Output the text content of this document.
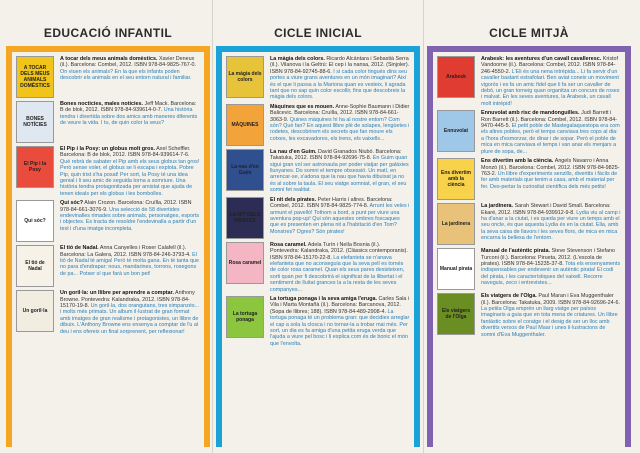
EDUCACIÓ INFANTIL
A TOCAR DELS MEUS ANIMALS DOMÈSTICS
A tocar dels meus animals domèstics. Xavier Deneux (il.). Barcelona: Combel, 2012. ISBN 978-84-9825-767-0. On viuen els animals? En la que els infants poden descobrir els animals en el seu entorn natural i familiar.
BONES NOTÍCIES
Bones nocticies, males notícies. Jeff Mack. Barcelona: B de blok, 2012. ISBN 978-84-939614-0-7. Una història tendra i divertida sobre dos amics amb maneres diferents de veure la vida. I tu, de quin color la veus?
El Pip i la Posy
El Pip i la Posy: un globus molt gros. Axel Scheffler. Barcelona: B de blok, 2012. ISBN 978-84-939614-7-6. Què rebrà de sabater el Pip amb els seus globus tan gros! Però sense voler, el globus se li escapa i explota. Pobre Pip, quin trist s'ha posat! Per sort, la Posy té una idea genial i li seu amic de seguida torna a somriure. Una història tendra protagonitzada per amistat que ajuda de tenen ideals per els globus i les bombolles.
Qui sóc?
Qui sóc? Alain Crozon. Barcelona: Cruïlla, 2012. ISBN 978-84-661-3076-9. Una selecció de 58 divertides endevinalles rimades sobre animals, personatges, esports i objectes. Es tracta de resoldre l'endevinalla a partir d'un text i d'una imatge incompleta.
El tió de Nadal
El tió de Nadal. Anna Canyelles i Roser Calafell (il.). Barcelona: La Galera, 2012. ISBN 978-84-246-3793-4. El tió de Nadal té amiga! Però té molta gana. En té tanta que no para d'endrapar: nous, mandarines, torrons, rosegons de pa... Potser sí que farà un bon pet!
Un goril·la
Un goril·la: un llibre per aprendre a comptar. Anthony Browne. Pontevedra: Kalandraka, 2012. ISBN 978-84-15170-19-8. Un goril·la, dos orangutans, tres ximpanzés... i molts més primats. Un album il·lustrat de gran format amb imatges de gran realisme i protagonistes, un llibre de dibuix. L'Anthony Browne ens ensenya a comptar de l'u al deu i ens ofereix un final sorprenent, per reflexionar!
CICLE INICIAL
La màgia dels colors
La màgia dels colors. Ricardo Alcántara i Sebastià Serra (il.). Vilanova i la Geltrú: El cep i la nansa, 2012. (Sinjoler). ISBN 978-84-92745-88-6. I si cada color tingués dins seu portes a viure grans aventures en un món imaginari? Així és el que li passa a la Mariona quan es vesteix, li agrada tant que no sap quin color escollir, fins que descobreix la màgia dels colors.
MÀQUINES
Màquines que es mouen. Anne-Sophie Baumann i Didier Balicevic. Barcelona: Cruïlla, 2012. ISBN 978-84-661-3063-9. Quines màquines hi ha al nostre entorn? Com són? Què fan? En aquest llibre plè de solapes, lengüetes i rodetes, descobrirem els secrets que fan moure els cotxes, les excavadores, els trens, els vaixells...
La nau d'en Guim
La nau d'en Guim. David Granados Niubó. Barcelona: Takatuka, 2012. ISBN 978-84-92696-75-8. En Guim quan sigui gran vol ser astronauta per poder viatjar per galàxies llunyanes. Do somni el tempre obsessió. Un matí, en arrencar-se, s'adona que la nau que havia dibuixat ja no és al sobre la taula. El seu viatge somniat, el gran, el seu somni fet realitat.
LA NIT DELS PIRATES
El nit dels pirates. Peter Harris i altres. Barcelona: Combel, 2012. ISBN 978-84-9825-774-8. Arrunt les veles i armunt el pavelló! Tothom a bord, a punt per viure una aventura pop-up! Qui són aquestes ombres foscaques que es presenten en plena nit a l'habitació d'en Tom? Monstres? Ogres? Són pirates!
Rosa caramel
Rosa caramel. Adela Turín i Nella Bosnia (il.). Pontevedra: Kalandraka, 2012. (Clàssics contemporanis). ISBN 978-84-15170-22-8. La elefanteta se n'anava elefanteta que no aconseguia que la seva pell es tornés de color rosa caramel. Quan els seus pares desisteixen, sorti quan per fi descobrirà el significat de la llibertat i el sentiment de lluitat grances la a la resta de les seves companyes...
La tortuga ponaga
La tortuga ponaga i la seva amiga l'eruga. Carles Sala i Vila i Marta Montañà (il.). Barcelona: Barcanova, 2012. (Sopa de llibres; 188). ISBN 978-84-489-2908-4. La tortuga ponaga té un problema gran: que decidiex arreglar el cap a sola la closca i no tornar-la a trobar mai més. Per sort, un dia es fa amiga d'una petita eruga verda que l'ajuda a viure pel bosc i li explica com és de bonic el món que l'envolta.
CICLE MITJÀ
Arabesk
Arabesk: les aventures d'un cavall cavalleresc. Kristof Vandoorne (il.). Barcelona: Combel, 2012. ISBN 978-84-246-4550-2. L'Eli és una nena intrèpida... Li fa servir d'un cavaller bastant estrafolari. Ben aviat coneix un moviment vigorós i es fa un amic fidel que li fa ser un cavaller de debò, un gran torneig quan organitza un concurs de roses i malvat. En les seves aventures, la Arabesk, un cavall molt intrèpid!
Ennuvolat
Ennuvolat amb risc de mandonguilles. Judi Barrett i Ron Barrett (il.). Barcelona: Combel, 2012. ISBN 978-84-9470-445-5. El petit poble de Mastegalaquestopa era com els altres pobles, però el temps canviava tres cops al dia: a l'hora d'esmorzar, de dinar i de sopar. Però el poble de mica en mica canviava el temps i van anar els menjars a plure de sopa, de...
Ens divertim amb la ciència
Ens divertim amb la ciència. Àngels Navarro i Anna Monzó (il.). Barcelona: Combel, 2012. ISBN 978-84-9825-763-2. Un llibre d'experiments senzills, divertits i fàcils de fer amb materials que tenim a casa, amb el material per fer. Des-pertar la curiositat científica dels més petits!
La jardinera
La jardinera. Sarah Stewart i David Small. Barcelona: Ekaré, 2012. ISBN 978-84-939912-9-8. Lydia viu al camp i ha d'anar a la ciutat, i es queda per viure un temps amb el seu oncle, és que aquesta Lydia és en la ciutat. Ella, amb la seva caixa de llavors i les seves flors, de mica en mica encarna la bellesa de l'entorn.
Manual pirata
Manual de l'autèntic pirata. Steve Stevenson i Stefano Turconi (il.). Barcelona: Pirueta, 2012. (L'escola de pirates). ISBN 978-84-15235-37-8. Tota els ensenyaments indispensables per endevenir un autèntic pirata! El codi del pirata, i les característiques del vaixell. Recorre naveguis, zeco i entrevistes...
Els viatgers de l'Olga
Els viatgers de l'Olga. Paul Maran i Eva Muggenthaler (il.). Barcelona: Takatuka, 2009. ISBN 978-84-92696-24-6. La petita Olga emprèn un llarg viatge per països imaginaris a guia que en tota mena de criatures. Un llibre fantàstic sobre el coratge i el desig de ser un lloc amb divertits versos de Paul Maar i unes il·lustracions de somni d'Eva Muggenthaler.
